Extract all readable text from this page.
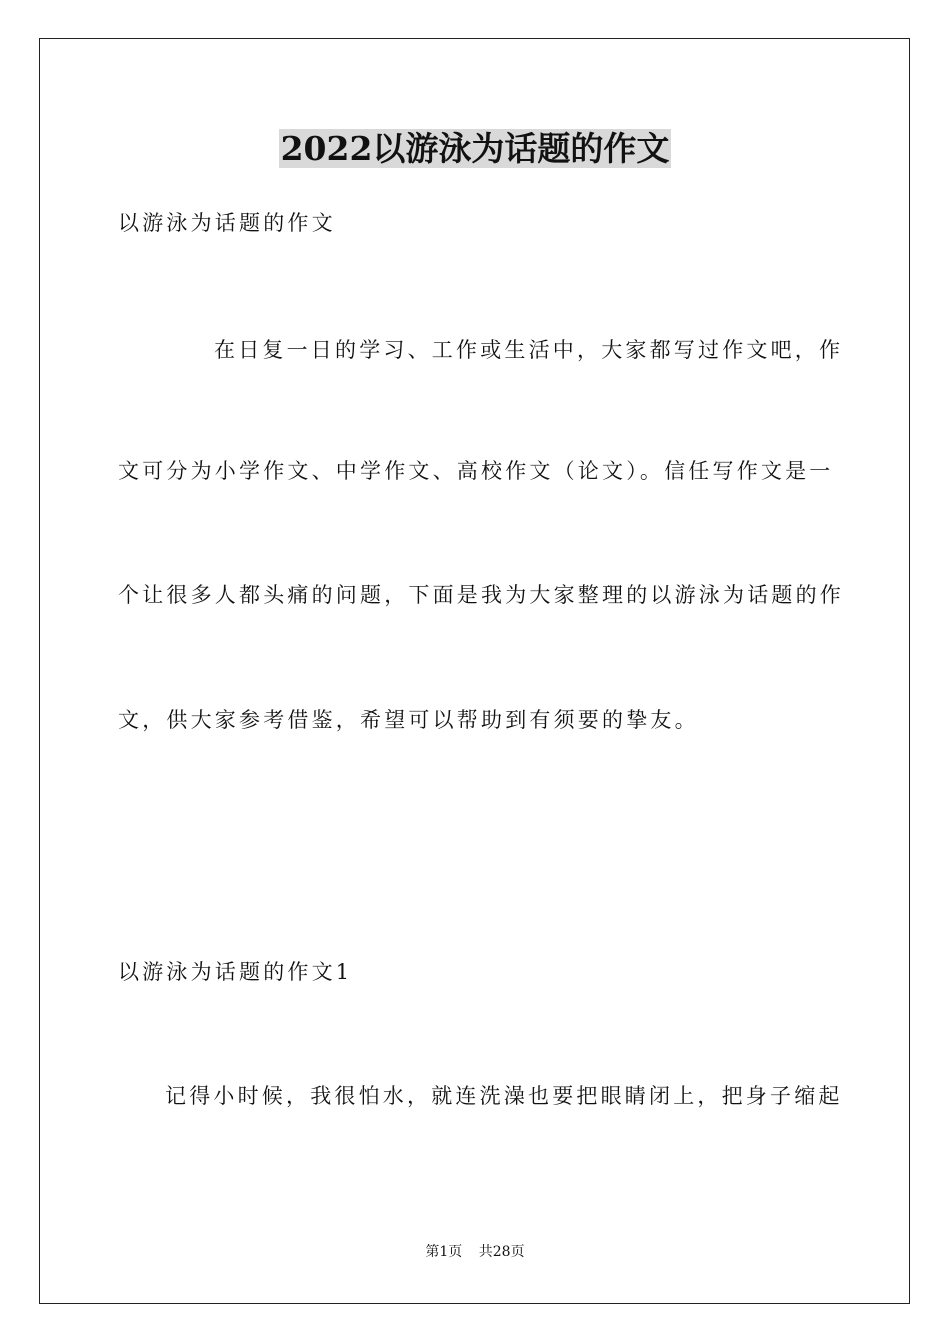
2022以游泳为话题的作文
以游泳为话题的作文
在日复一日的学习、工作或生活中，大家都写过作文吧，作
文可分为小学作文、中学作文、高校作文（论文）。信任写作文是一
个让很多人都头痛的问题，下面是我为大家整理的以游泳为话题的作
文，供大家参考借鉴，希望可以帮助到有须要的挚友。
以游泳为话题的作文1
记得小时候，我很怕水，就连洗澡也要把眼睛闭上，把身子缩起
第1页 共28页
